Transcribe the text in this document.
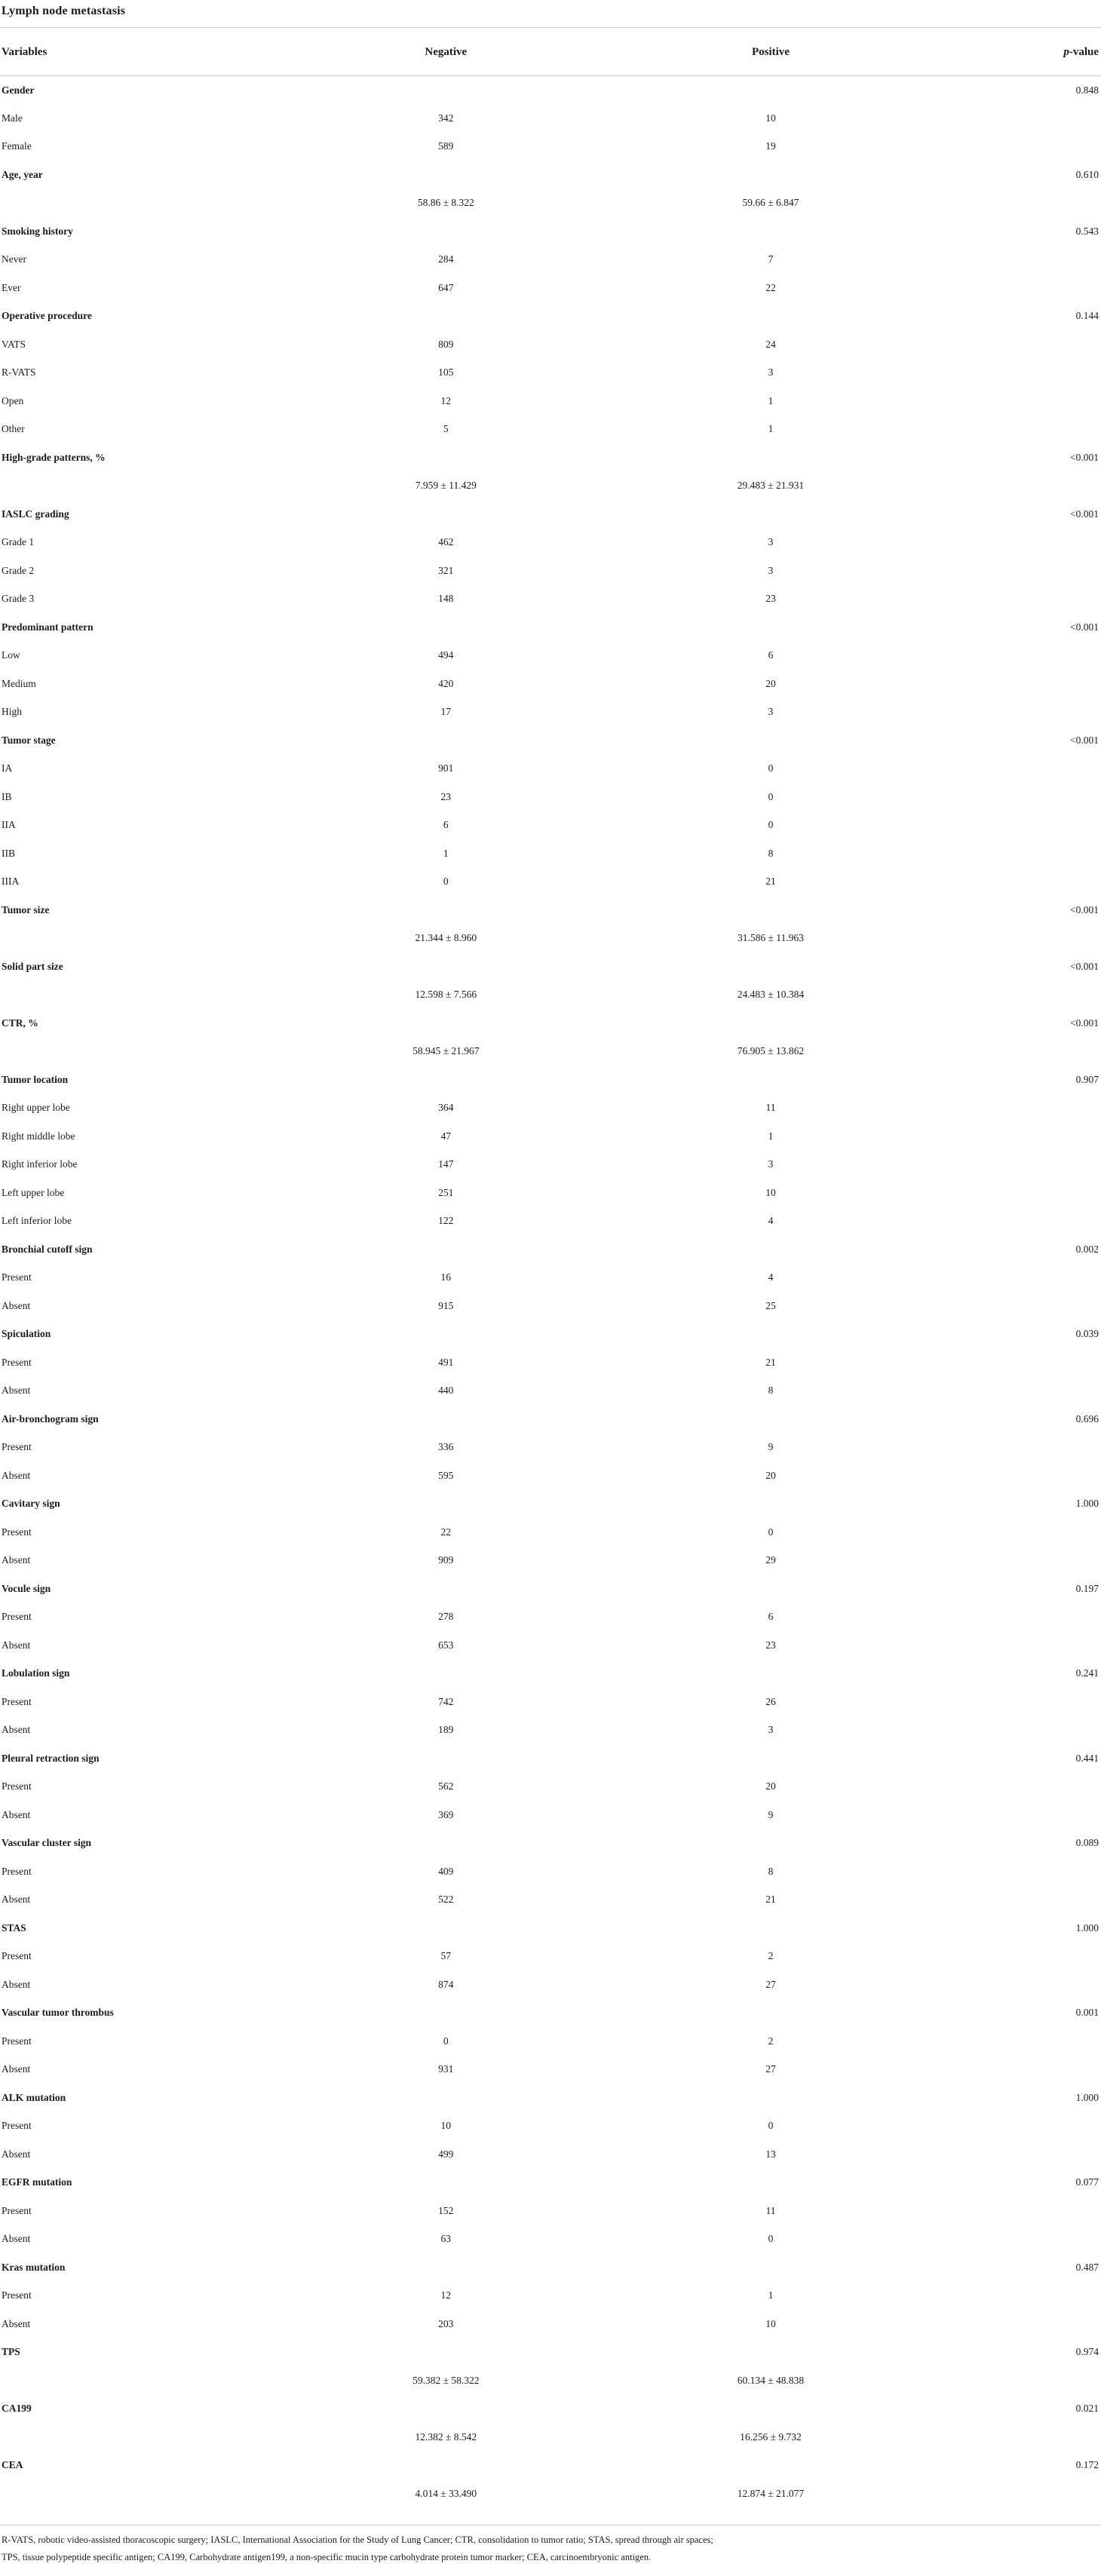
Lymph node metastasis
Variables	Negative	Positive	p-value
Gender			0.848
Male	342	10	
Female	589	19	
Age, year			0.610
	58.86 ± 8.322	59.66 ± 6.847	
Smoking history			0.543
Never	284	7	
Ever	647	22	
Operative procedure			0.144
VATS	809	24	
R-VATS	105	3	
Open	12	1	
Other	5	1	
High-grade patterns, %			<0.001
	7.959 ± 11.429	29.483 ± 21.931	
IASLC grading			<0.001
Grade 1	462	3	
Grade 2	321	3	
Grade 3	148	23	
Predominant pattern			<0.001
Low	494	6	
Medium	420	20	
High	17	3	
Tumor stage			<0.001
IA	901	0	
IB	23	0	
IIA	6	0	
IIB	1	8	
IIIA	0	21	
Tumor size			<0.001
	21.344 ± 8.960	31.586 ± 11.963	
Solid part size			<0.001
	12.598 ± 7.566	24.483 ± 10.384	
CTR, %			<0.001
	58.945 ± 21.967	76.905 ± 13.862	
Tumor location			0.907
Right upper lobe	364	11	
Right middle lobe	47	1	
Right inferior lobe	147	3	
Left upper lobe	251	10	
Left inferior lobe	122	4	
Bronchial cutoff sign			0.002
Present	16	4	
Absent	915	25	
Spiculation			0.039
Present	491	21	
Absent	440	8	
Air-bronchogram sign			0.696
Present	336	9	
Absent	595	20	
Cavitary sign			1.000
Present	22	0	
Absent	909	29	
Vocule sign			0.197
Present	278	6	
Absent	653	23	
Lobulation sign			0.241
Present	742	26	
Absent	189	3	
Pleural retraction sign			0.441
Present	562	20	
Absent	369	9	
Vascular cluster sign			0.089
Present	409	8	
Absent	522	21	
STAS			1.000
Present	57	2	
Absent	874	27	
Vascular tumor thrombus			0.001
Present	0	2	
Absent	931	27	
ALK mutation			1.000
Present	10	0	
Absent	499	13	
EGFR mutation			0.077
Present	152	11	
Absent	63	0	
Kras mutation			0.487
Present	12	1	
Absent	203	10	
TPS			0.974
	59.382 ± 58.322	60.134 ± 48.838	
CA199			0.021
	12.382 ± 8.542	16.256 ± 9.732	
CEA			0.172
	4.014 ± 33.490	12.874 ± 21.077	
R-VATS, robotic video-assisted thoracoscopic surgery; IASLC, International Association for the Study of Lung Cancer; CTR, consolidation to tumor ratio; STAS, spread through air spaces;
TPS, tissue polypeptide specific antigen; CA199, Carbohydrate antigen199, a non-specific mucin type carbohydrate protein tumor marker; CEA, carcinoembryonic antigen.
